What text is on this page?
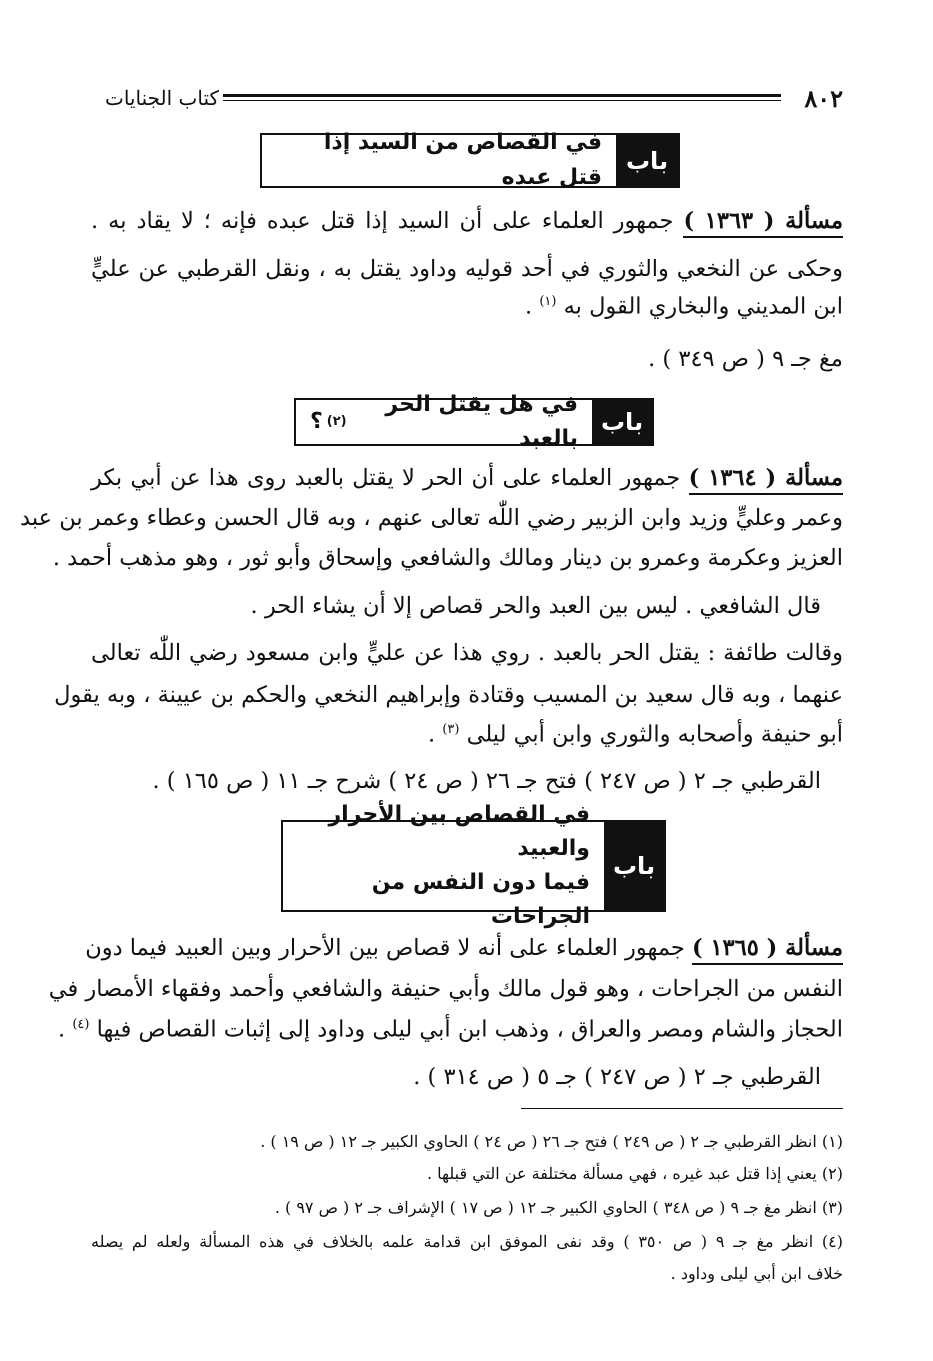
٨٠٢
كتاب الجنايات
باب
في القصاص من السيد إذا قتل عبده
مسألة ( ١٣٦٣ ) جمهور العلماء على أن السيد إذا قتل عبده فإنه ؛ لا يقاد به .
وحكى عن النخعي والثوري في أحد قوليه وداود يقتل به ، ونقل القرطبي عن عليٍّ
ابن المديني والبخاري القول به $^{(١)}$ .
مغ جـ ٩ ( ص ٣٤٩ ) .
باب
في هل يقتل الحر بالعبد
(٢)
؟
مسألة ( ١٣٦٤ ) جمهور العلماء على أن الحر لا يقتل بالعبد روى هذا عن أبي بكر
وعمر وعليٍّ وزيد وابن الزبير رضي اللّٰه تعالى عنهم ، وبه قال الحسن وعطاء وعمر بن عبد
العزيز وعكرمة وعمرو بن دينار ومالك والشافعي وإسحاق وأبو ثور ، وهو مذهب أحمد .
قال الشافعي . ليس بين العبد والحر قصاص إلا أن يشاء الحر .
وقالت طائفة : يقتل الحر بالعبد . روي هذا عن عليٍّ وابن مسعود رضي اللّٰه تعالى
عنهما ، وبه قال سعيد بن المسيب وقتادة وإبراهيم النخعي والحكم بن عيينة ، وبه يقول
أبو حنيفة وأصحابه والثوري وابن أبي ليلى $^{(٣)}$ .
القرطبي جـ ٢ ( ص ٢٤٧ ) فتح جـ ٢٦ ( ص ٢٤ ) شرح جـ ١١ ( ص ١٦٥ ) .
باب
في القصاص بين الأحرار والعبيد
فيما دون النفس من الجراحات
مسألة ( ١٣٦٥ ) جمهور العلماء على أنه لا قصاص بين الأحرار وبين العبيد فيما دون
النفس من الجراحات ، وهو قول مالك وأبي حنيفة والشافعي وأحمد وفقهاء الأمصار في
الحجاز والشام ومصر والعراق ، وذهب ابن أبي ليلى وداود إلى إثبات القصاص فيها $^{(٤)}$ .
القرطبي جـ ٢ ( ص ٢٤٧ ) جـ ٥ ( ص ٣١٤ ) .
(١) انظر القرطبي جـ ٢ ( ص ٢٤٩ ) فتح جـ ٢٦ ( ص ٢٤ ) الحاوي الكبير جـ ١٢ ( ص ١٩ ) .
(٢) يعني إذا قتل عبد غيره ، فهي مسألة مختلفة عن التي قبلها .
(٣) انظر مغ جـ ٩ ( ص ٣٤٨ ) الحاوي الكبير جـ ١٢ ( ص ١٧ ) الإشراف جـ ٢ ( ص ٩٧ ) .
(٤) انظر مغ جـ ٩ ( ص ٣٥٠ ) وقد نفى الموفق ابن قدامة علمه بالخلاف في هذه المسألة ولعله لم يصله
خلاف ابن أبي ليلى وداود .
